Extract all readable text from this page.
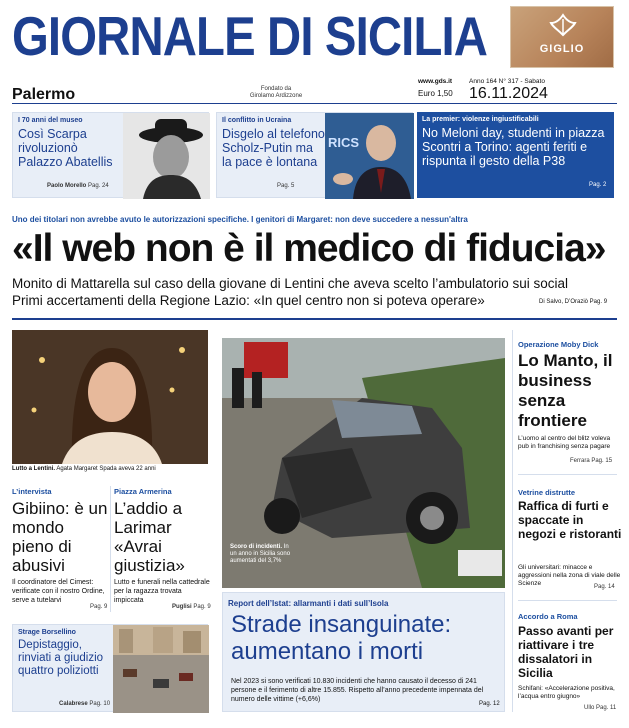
GIORNALE DI SICILIA	GIGLIO
Palermo	Fondato da
Girolamo Ardizzone
www.gds.it
Euro 1,50
Anno 164 N° 317 - Sabato
16.11.2024
I 70 anni del museo
Così Scarpa rivoluzionò Palazzo Abatellis
Paolo Morello Pag. 24
Il conflitto in Ucraina
Disgelo al telefono Scholz-Putin ma la pace è lontana
RICS
Pag. 5
La premier: violenze ingiustificabili
No Meloni day, studenti in piazza Scontri a Torino: agenti feriti e rispunta il gesto della P38
Pag. 2
Uno dei titolari non avrebbe avuto le autorizzazioni specifiche. I genitori di Margaret: non deve succedere a nessun'altra
«Il web non è il medico di fiducia»
Monito di Mattarella sul caso della giovane di Lentini che aveva scelto l’ambulatorio sui social
Primi accertamenti della Regione Lazio: «In quel centro non si poteva operare»	Di Salvo, D’Oraziò Pag. 9
Lutto a Lentini. Agata Margaret Spada aveva 22 anni
L’intervista
Gibiino: è un mondo pieno di abusivi
Il coordinatore del Cimest: verificate con il nostro Ordine, serve a tutelarvi
Pag. 9
Piazza Armerina
L’addio a Larimar «Avrai giustizia»
Lutto e funerali nella cattedrale per la ragazza trovata impiccata
Puglisi Pag. 9
Strage Borsellino
Depistaggio, rinviati a giudizio quattro poliziotti
Calabrese Pag. 10
Scoro di incidenti. In un anno in Sicilia sono aumentati del 3,7%
Report dell’Istat: allarmanti i dati sull’Isola
Strade insanguinate: aumentano i morti
Nel 2023 si sono verificati 10.830 incidenti che hanno causato il decesso di 241 persone e il ferimento di altre 15.855. Rispetto all’anno precedente impennata del numero delle vittime (+6,6%)
Pag. 12
Operazione Moby Dick
Lo Manto, il business senza frontiere
L’uomo al centro del blitz voleva pub in franchising senza pagare
Ferrara Pag. 15
Vetrine distrutte
Raffica di furti e spaccate in negozi e ristoranti
Gli universitari: minacce e aggressioni nella zona di viale delle Scienze	Pag. 14
Accordo a Roma
Passo avanti per riattivare i tre dissalatori in Sicilia
Schifani: «Accelerazione positiva, l’acqua entro giugno»
Ullo Pag. 11
